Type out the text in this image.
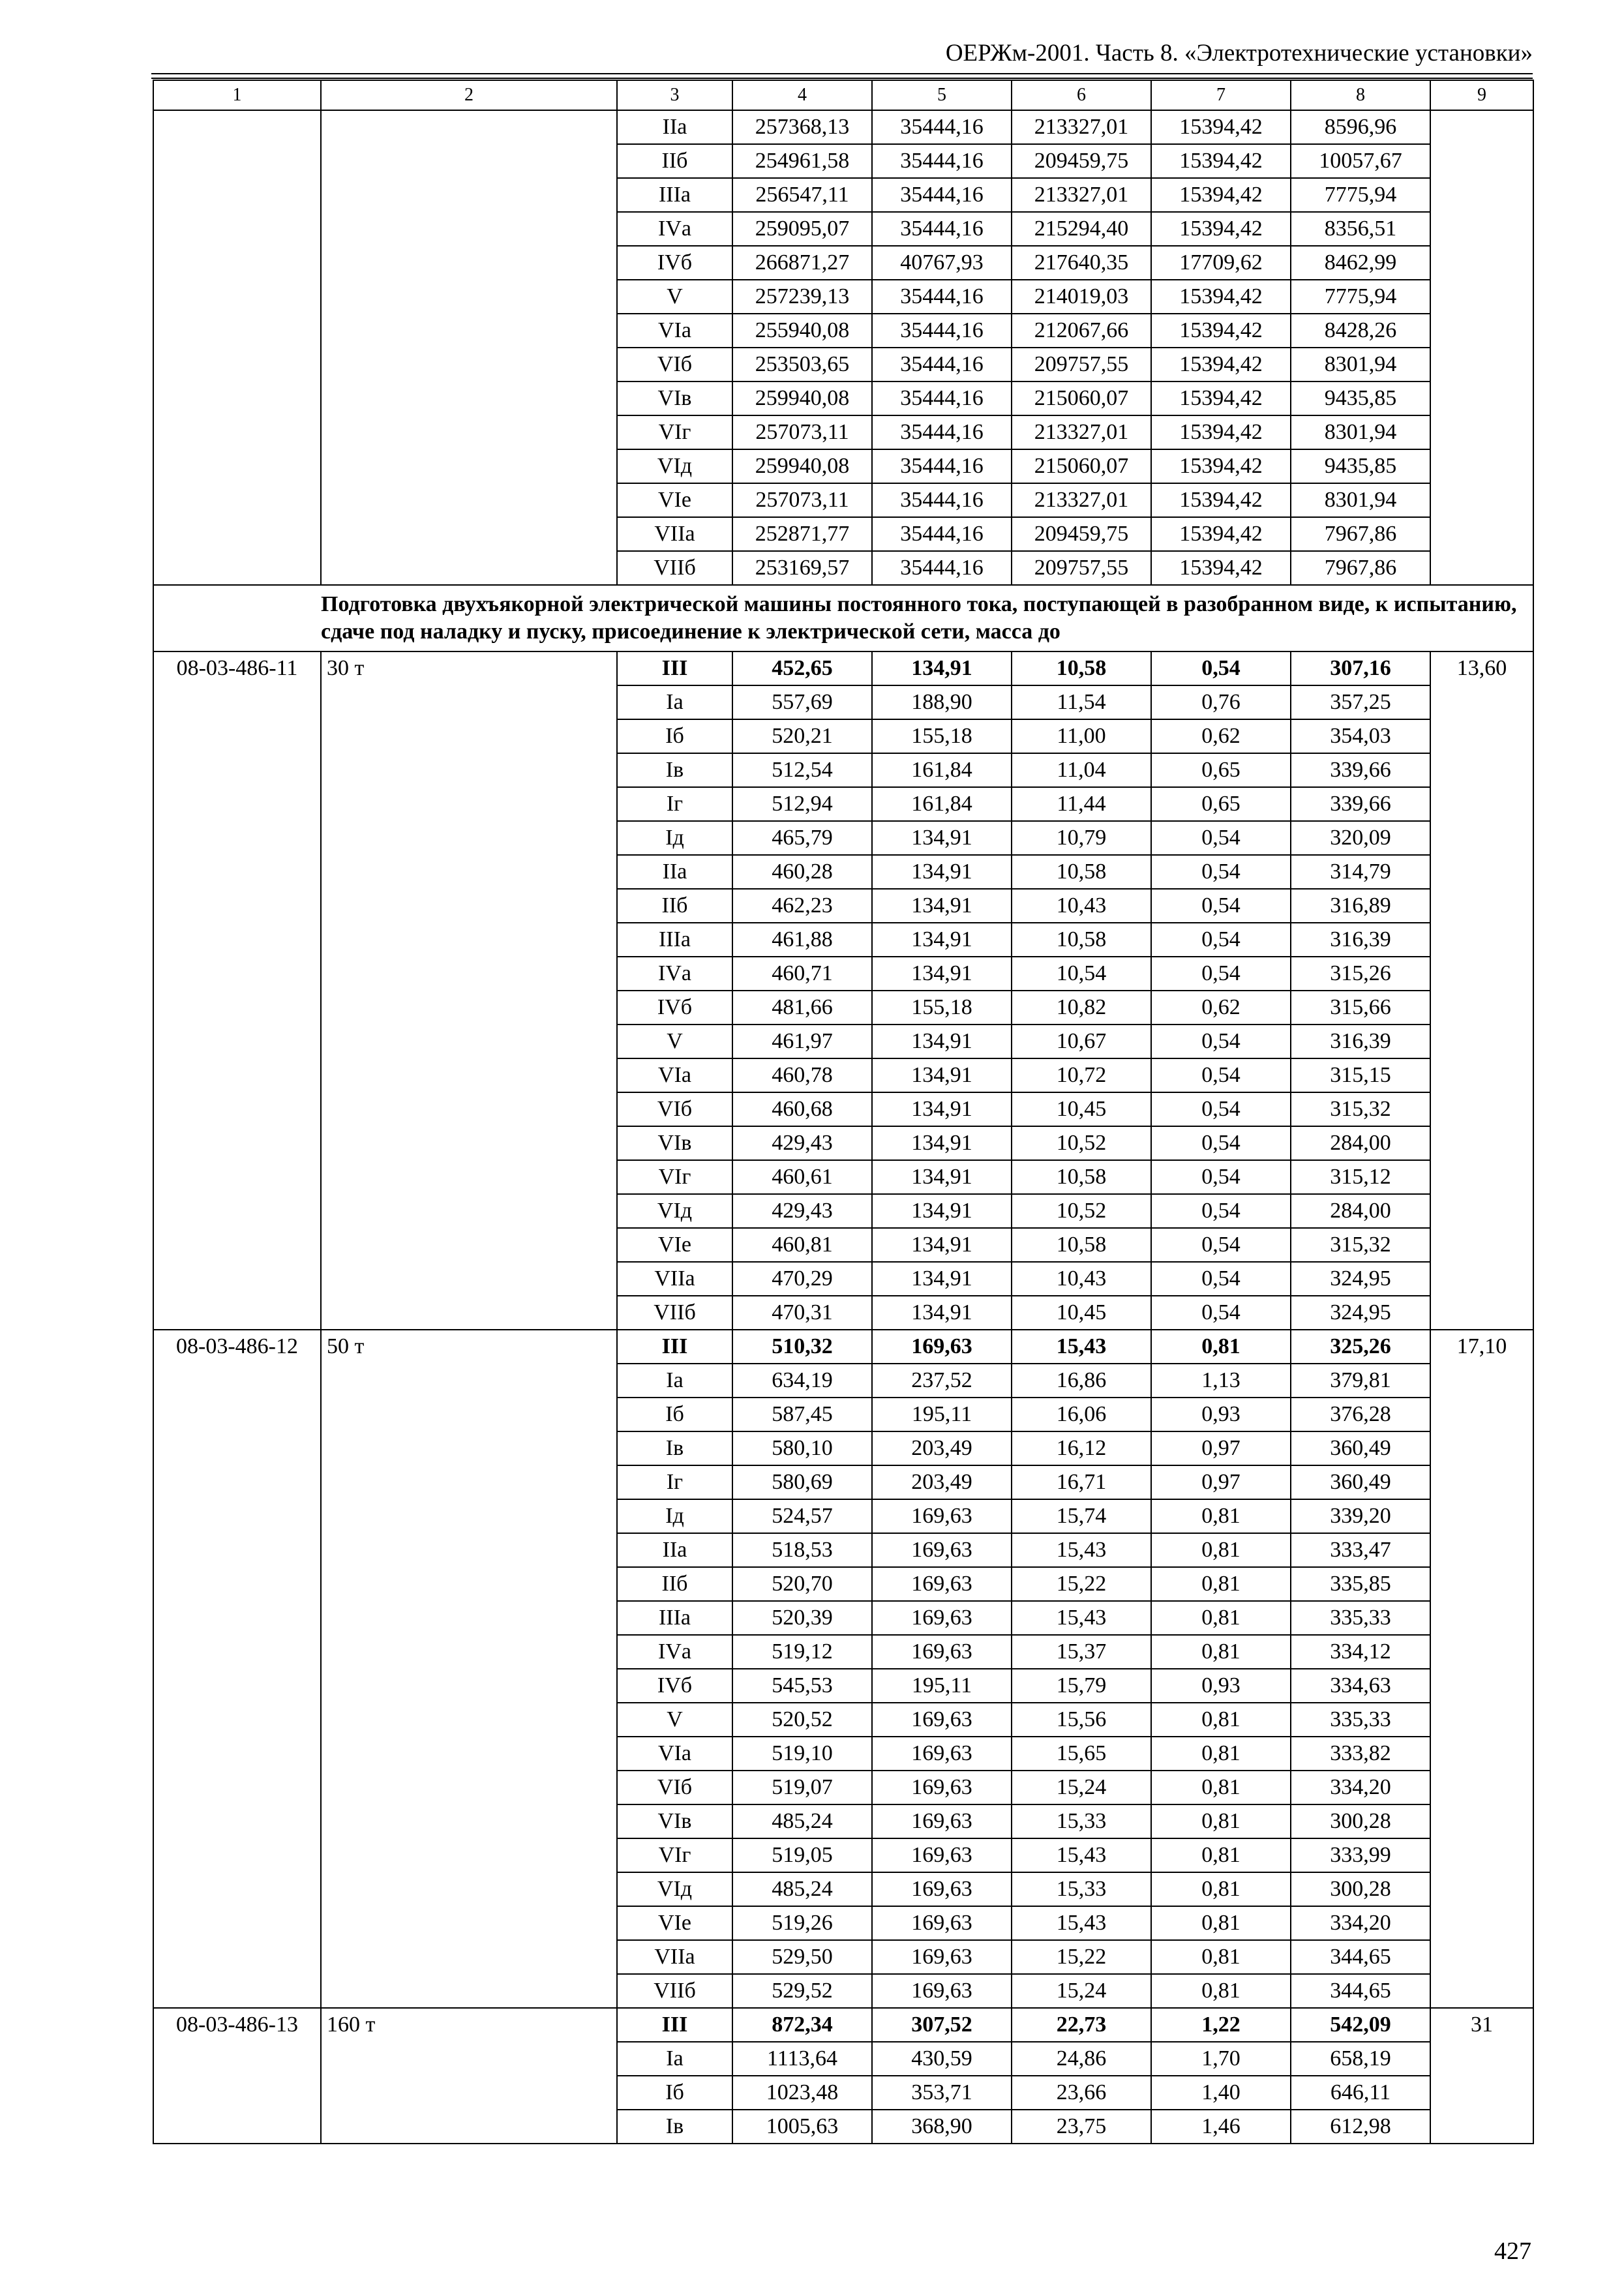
ОЕРЖм-2001. Часть 8. «Электротехнические установки»
1	2	3	4	5	6	7	8	9
		IIа	257368,13	35444,16	213327,01	15394,42	8596,96	
		IIб	254961,58	35444,16	209459,75	15394,42	10057,67	
		IIIа	256547,11	35444,16	213327,01	15394,42	7775,94	
		IVа	259095,07	35444,16	215294,40	15394,42	8356,51	
		IVб	266871,27	40767,93	217640,35	17709,62	8462,99	
		V	257239,13	35444,16	214019,03	15394,42	7775,94	
		VIа	255940,08	35444,16	212067,66	15394,42	8428,26	
		VIб	253503,65	35444,16	209757,55	15394,42	8301,94	
		VIв	259940,08	35444,16	215060,07	15394,42	9435,85	
		VIг	257073,11	35444,16	213327,01	15394,42	8301,94	
		VIд	259940,08	35444,16	215060,07	15394,42	9435,85	
		VIе	257073,11	35444,16	213327,01	15394,42	8301,94	
		VIIа	252871,77	35444,16	209459,75	15394,42	7967,86	
		VIIб	253169,57	35444,16	209757,55	15394,42	7967,86	
Подготовка двухъякорной электрической машины постоянного тока, поступающей в разобранном виде, к испытанию, сдаче под наладку и пуску, присоединение к электрической сети, масса до								
08-03-486-11	30 т	III	452,65	134,91	10,58	0,54	307,16	13,60
		Iа	557,69	188,90	11,54	0,76	357,25	
		Iб	520,21	155,18	11,00	0,62	354,03	
		Iв	512,54	161,84	11,04	0,65	339,66	
		Iг	512,94	161,84	11,44	0,65	339,66	
		Iд	465,79	134,91	10,79	0,54	320,09	
		IIа	460,28	134,91	10,58	0,54	314,79	
		IIб	462,23	134,91	10,43	0,54	316,89	
		IIIа	461,88	134,91	10,58	0,54	316,39	
		IVа	460,71	134,91	10,54	0,54	315,26	
		IVб	481,66	155,18	10,82	0,62	315,66	
		V	461,97	134,91	10,67	0,54	316,39	
		VIа	460,78	134,91	10,72	0,54	315,15	
		VIб	460,68	134,91	10,45	0,54	315,32	
		VIв	429,43	134,91	10,52	0,54	284,00	
		VIг	460,61	134,91	10,58	0,54	315,12	
		VIд	429,43	134,91	10,52	0,54	284,00	
		VIе	460,81	134,91	10,58	0,54	315,32	
		VIIа	470,29	134,91	10,43	0,54	324,95	
		VIIб	470,31	134,91	10,45	0,54	324,95	
08-03-486-12	50 т	III	510,32	169,63	15,43	0,81	325,26	17,10
		Iа	634,19	237,52	16,86	1,13	379,81	
		Iб	587,45	195,11	16,06	0,93	376,28	
		Iв	580,10	203,49	16,12	0,97	360,49	
		Iг	580,69	203,49	16,71	0,97	360,49	
		Iд	524,57	169,63	15,74	0,81	339,20	
		IIа	518,53	169,63	15,43	0,81	333,47	
		IIб	520,70	169,63	15,22	0,81	335,85	
		IIIа	520,39	169,63	15,43	0,81	335,33	
		IVа	519,12	169,63	15,37	0,81	334,12	
		IVб	545,53	195,11	15,79	0,93	334,63	
		V	520,52	169,63	15,56	0,81	335,33	
		VIа	519,10	169,63	15,65	0,81	333,82	
		VIб	519,07	169,63	15,24	0,81	334,20	
		VIв	485,24	169,63	15,33	0,81	300,28	
		VIг	519,05	169,63	15,43	0,81	333,99	
		VIд	485,24	169,63	15,33	0,81	300,28	
		VIе	519,26	169,63	15,43	0,81	334,20	
		VIIа	529,50	169,63	15,22	0,81	344,65	
		VIIб	529,52	169,63	15,24	0,81	344,65	
08-03-486-13	160 т	III	872,34	307,52	22,73	1,22	542,09	31
		Iа	1113,64	430,59	24,86	1,70	658,19	
		Iб	1023,48	353,71	23,66	1,40	646,11	
		Iв	1005,63	368,90	23,75	1,46	612,98	
427
